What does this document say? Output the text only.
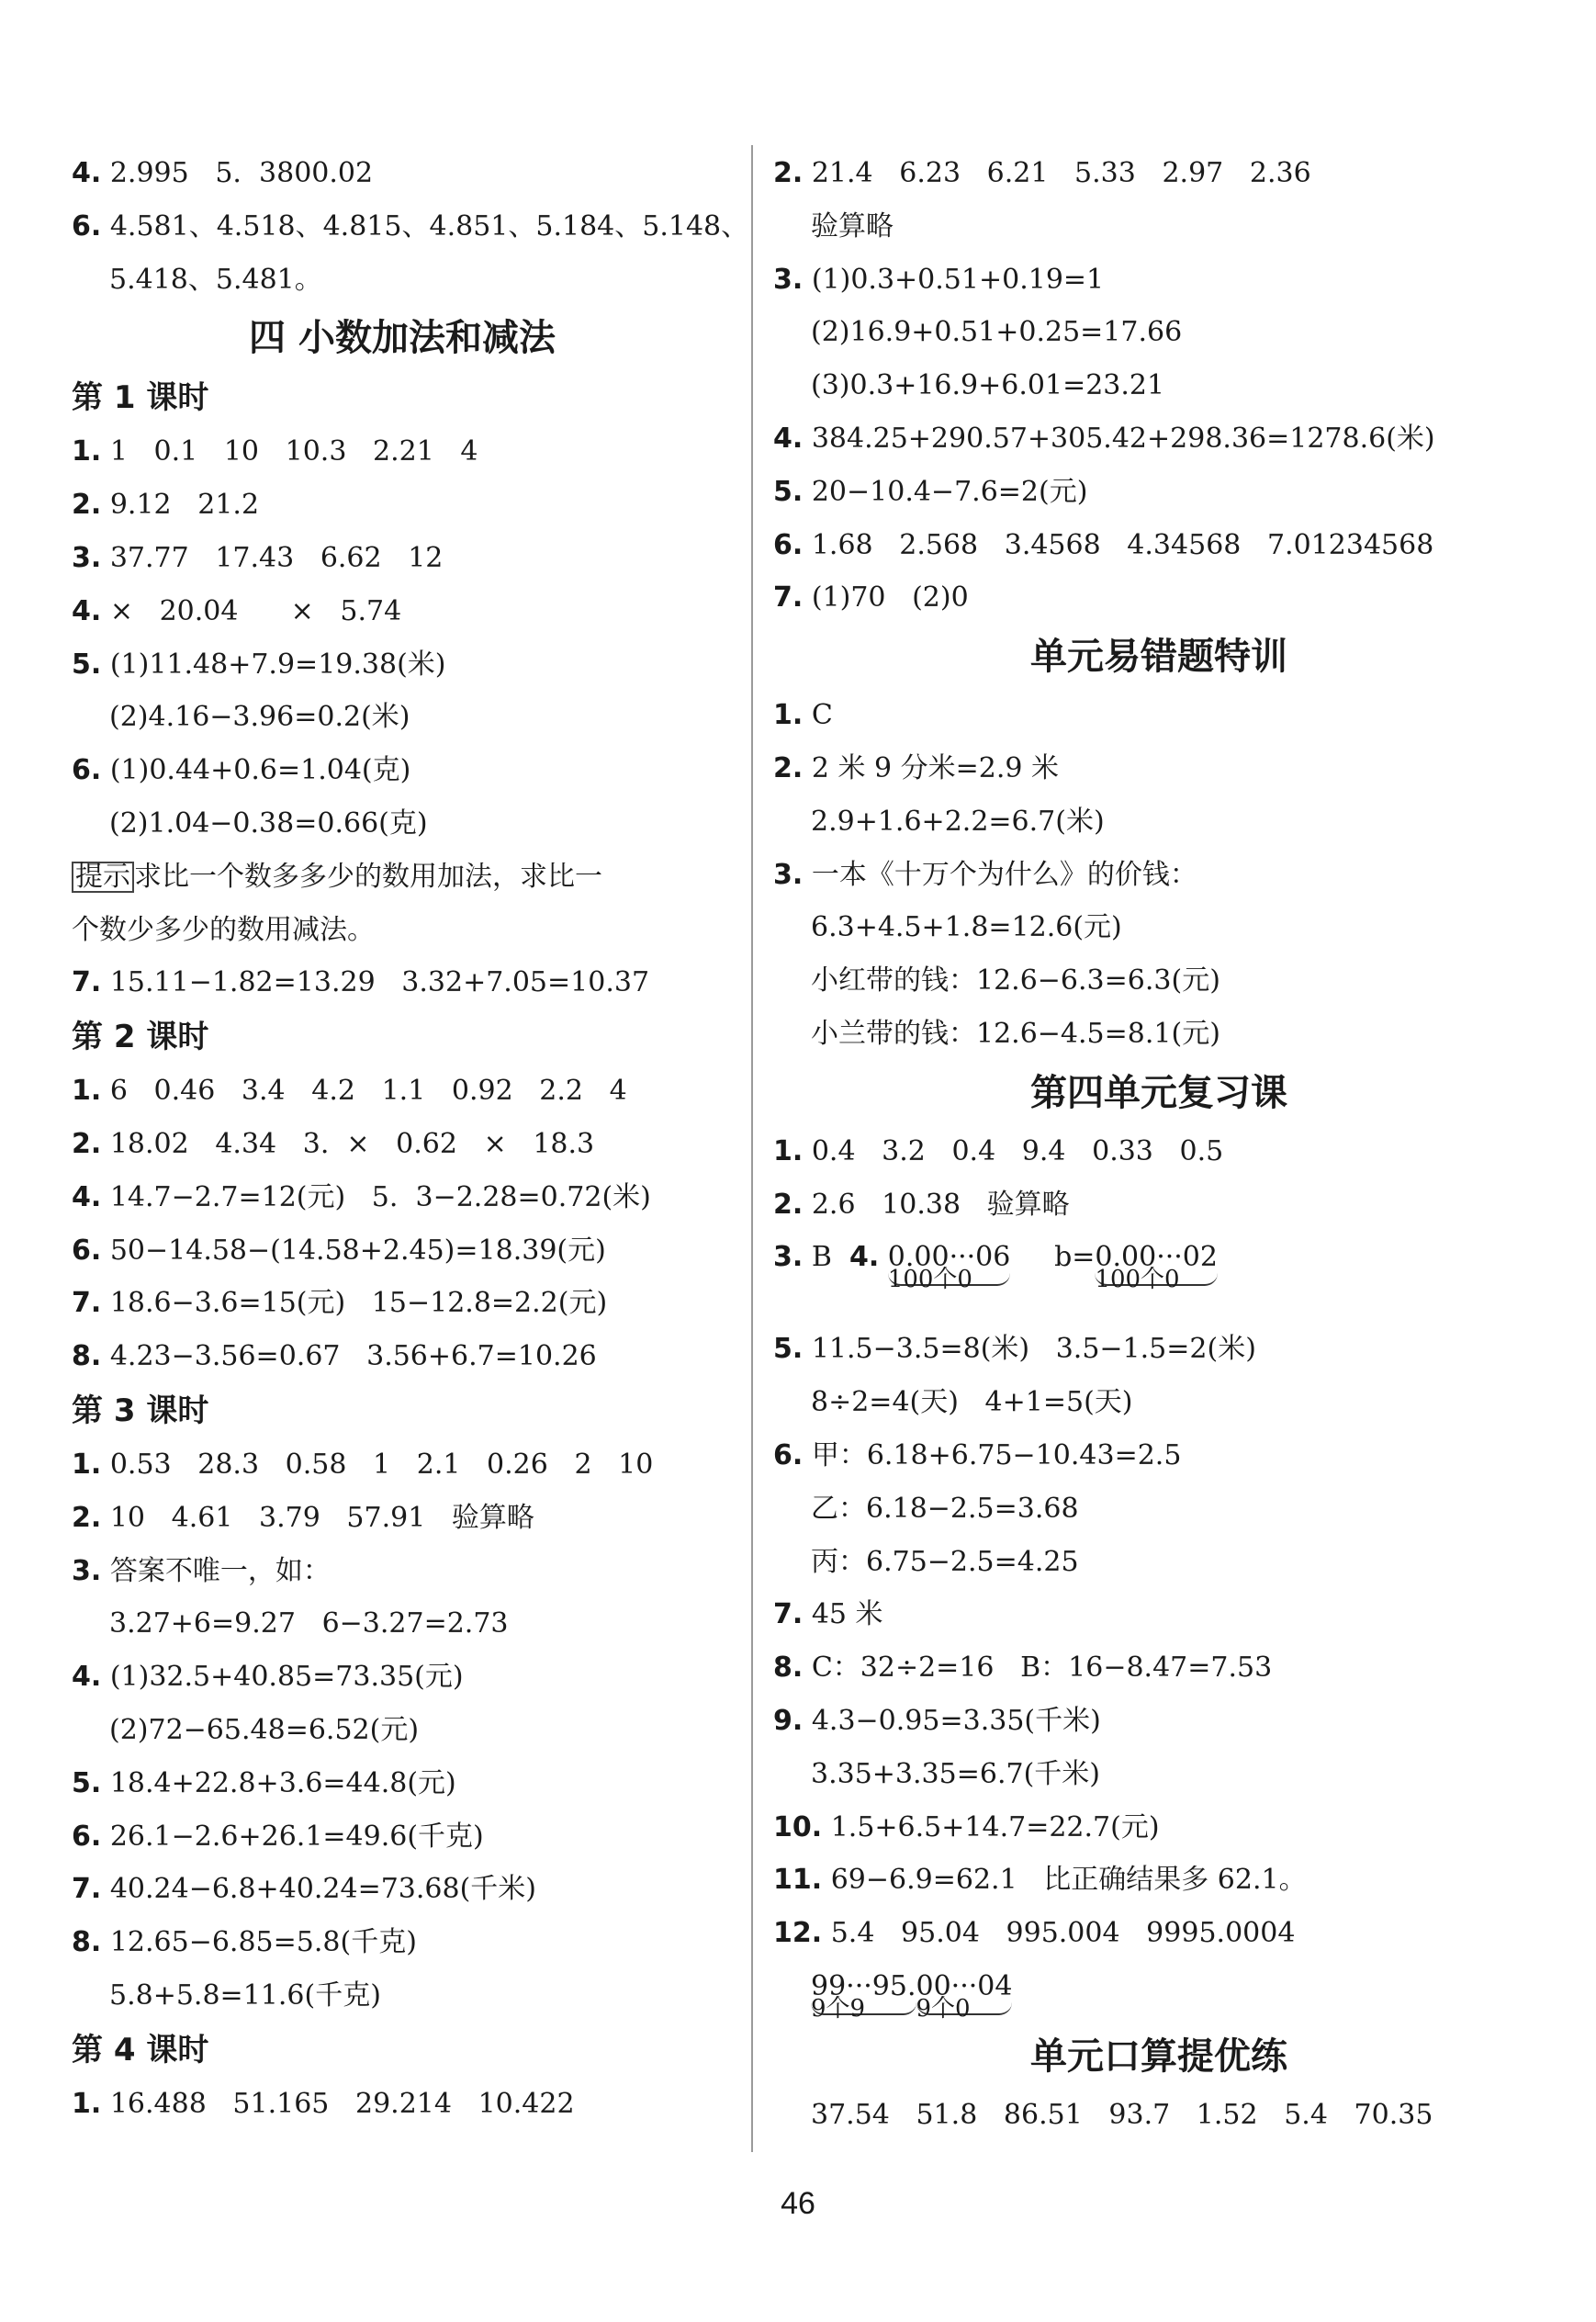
4. 2.995   5.  3800.02
6. 4.581、4.518、4.815、4.851、5.184、5.148、
5.418、5.481。
四 小数加法和减法
第 1 课时
1. 1   0.1   10   10.3   2.21   4
2. 9.12   21.2
3. 37.77   17.43   6.62   12
4. ×   20.04      ×   5.74
5. (1)11.48+7.9=19.38(米)
(2)4.16−3.96=0.2(米)
6. (1)0.44+0.6=1.04(克)
(2)1.04−0.38=0.66(克)
提示 求比一个数多多少的数用加法，求比一
个数少多少的数用减法。
7. 15.11−1.82=13.29   3.32+7.05=10.37
第 2 课时
1. 6   0.46   3.4   4.2   1.1   0.92   2.2   4
2. 18.02   4.34   3.  ×   0.62   ×   18.3
4. 14.7−2.7=12(元)   5.  3−2.28=0.72(米)
6. 50−14.58−(14.58+2.45)=18.39(元)
7. 18.6−3.6=15(元)   15−12.8=2.2(元)
8. 4.23−3.56=0.67   3.56+6.7=10.26
第 3 课时
1. 0.53   28.3   0.58   1   2.1   0.26   2   10
2. 10   4.61   3.79   57.91   验算略
3. 答案不唯一，如：
3.27+6=9.27   6−3.27=2.73
4. (1)32.5+40.85=73.35(元)
(2)72−65.48=6.52(元)
5. 18.4+22.8+3.6=44.8(元)
6. 26.1−2.6+26.1=49.6(千克)
7. 40.24−6.8+40.24=73.68(千米)
8. 12.65−6.85=5.8(千克)
5.8+5.8=11.6(千克)
第 4 课时
1. 16.488   51.165   29.214   10.422
2. 21.4   6.23   6.21   5.33   2.97   2.36
验算略
3. (1)0.3+0.51+0.19=1
(2)16.9+0.51+0.25=17.66
(3)0.3+16.9+6.01=23.21
4. 384.25+290.57+305.42+298.36=1278.6(米)
5. 20−10.4−7.6=2(元)
6. 1.68   2.568   3.4568   4.34568   7.01234568
7. (1)70   (2)0
单元易错题特训
1. C
2. 2 米 9 分米=2.9 米
2.9+1.6+2.2=6.7(米)
3. 一本《十万个为什么》的价钱：
6.3+4.5+1.8=12.6(元)
小红带的钱：12.6−6.3=6.3(元)
小兰带的钱：12.6−4.5=8.1(元)
第四单元复习课
1. 0.4   3.2   0.4   9.4   0.33   0.5
2. 2.6   10.38   验算略
3. B 4. 0.00···06
100个0
b=0.00···02
100个0
5. 11.5−3.5=8(米)   3.5−1.5=2(米)
8÷2=4(天)   4+1=5(天)
6. 甲：6.18+6.75−10.43=2.5
乙：6.18−2.5=3.68
丙：6.75−2.5=4.25
7. 45 米
8. C：32÷2=16   B：16−8.47=7.53
9. 4.3−0.95=3.35(千米)
3.35+3.35=6.7(千米)
10. 1.5+6.5+14.7=22.7(元)
11. 69−6.9=62.1   比正确结果多 62.1。
12. 5.4   95.04   995.004   9995.0004
99···95.
9个9
00···04
9个0
单元口算提优练
37.54   51.8   86.51   93.7   1.52   5.4   70.35
46
